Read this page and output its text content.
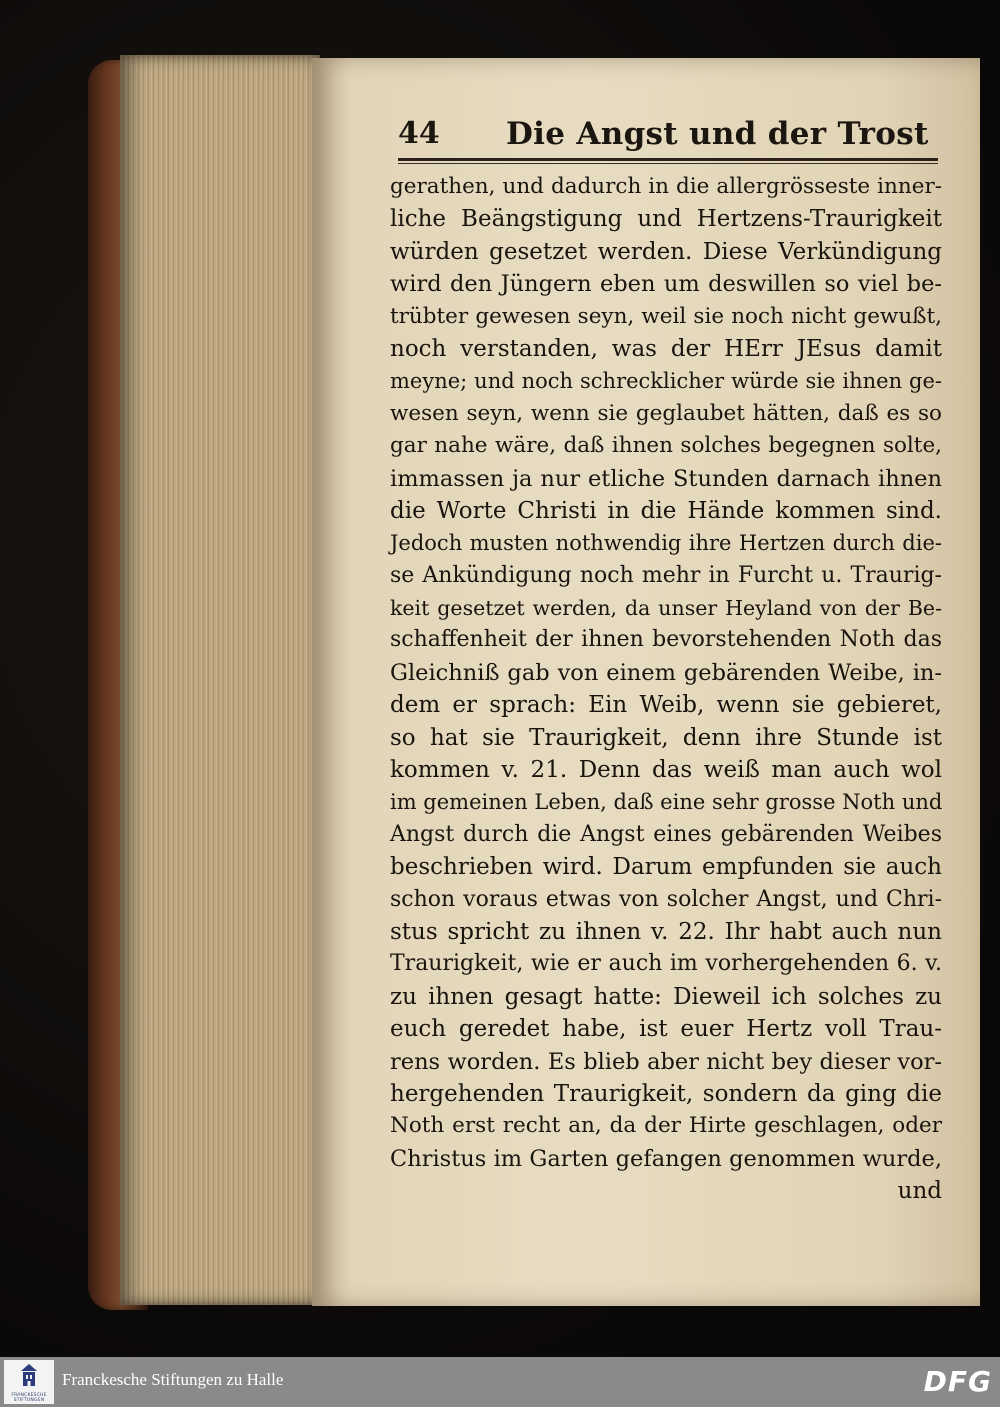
44 Die Angst und der Trost
gerathen, und dadurch in die allergrösseste inner-
liche Beängstigung und Hertzens-Traurigkeit
würden gesetzet werden. Diese Verkündigung
wird den Jüngern eben um deswillen so viel be-
trübter gewesen seyn, weil sie noch nicht gewußt,
noch verstanden, was der HErr JEsus damit
meyne; und noch schrecklicher würde sie ihnen ge-
wesen seyn, wenn sie geglaubet hätten, daß es so
gar nahe wäre, daß ihnen solches begegnen solte,
immassen ja nur etliche Stunden darnach ihnen
die Worte Christi in die Hände kommen sind.
Jedoch musten nothwendig ihre Hertzen durch die-
se Ankündigung noch mehr in Furcht u. Traurig-
keit gesetzet werden, da unser Heyland von der Be-
schaffenheit der ihnen bevorstehenden Noth das
Gleichniß gab von einem gebärenden Weibe, in-
dem er sprach: Ein Weib, wenn sie gebieret,
so hat sie Traurigkeit, denn ihre Stunde ist
kommen v. 21. Denn das weiß man auch wol
im gemeinen Leben, daß eine sehr grosse Noth und
Angst durch die Angst eines gebärenden Weibes
beschrieben wird. Darum empfunden sie auch
schon voraus etwas von solcher Angst, und Chri-
stus spricht zu ihnen v. 22. Ihr habt auch nun
Traurigkeit, wie er auch im vorhergehenden 6. v.
zu ihnen gesagt hatte: Dieweil ich solches zu
euch geredet habe, ist euer Hertz voll Trau-
rens worden. Es blieb aber nicht bey dieser vor-
hergehenden Traurigkeit, sondern da ging die
Noth erst recht an, da der Hirte geschlagen, oder
Christus im Garten gefangen genommen wurde,
und
FRANCKESCHE STIFTUNGEN
Franckesche Stiftungen zu Halle	DFG
